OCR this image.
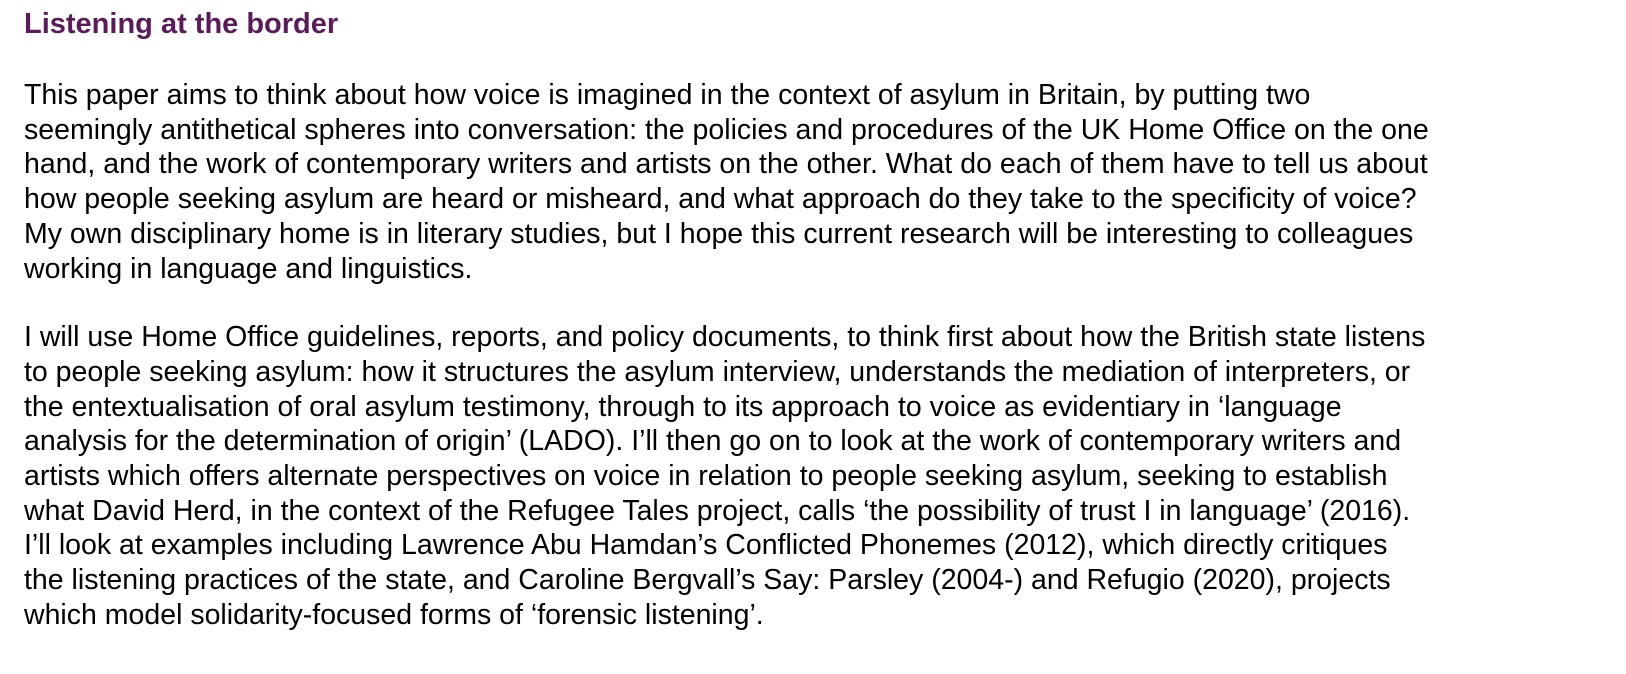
Listening at the border
This paper aims to think about how voice is imagined in the context of asylum in Britain, by putting two
seemingly antithetical spheres into conversation: the policies and procedures of the UK Home Office on the one
hand, and the work of contemporary writers and artists on the other. What do each of them have to tell us about
how people seeking asylum are heard or misheard, and what approach do they take to the specificity of voice?
My own disciplinary home is in literary studies, but I hope this current research will be interesting to colleagues
working in language and linguistics.
I will use Home Office guidelines, reports, and policy documents, to think first about how the British state listens
to people seeking asylum: how it structures the asylum interview, understands the mediation of interpreters, or
the entextualisation of oral asylum testimony, through to its approach to voice as evidentiary in ‘language
analysis for the determination of origin’ (LADO). I’ll then go on to look at the work of contemporary writers and
artists which offers alternate perspectives on voice in relation to people seeking asylum, seeking to establish
what David Herd, in the context of the Refugee Tales project, calls ‘the possibility of trust I in language’ (2016).
I’ll look at examples including Lawrence Abu Hamdan’s Conflicted Phonemes (2012), which directly critiques
the listening practices of the state, and Caroline Bergvall’s Say: Parsley (2004-) and Refugio (2020), projects
which model solidarity-focused forms of ‘forensic listening’.
